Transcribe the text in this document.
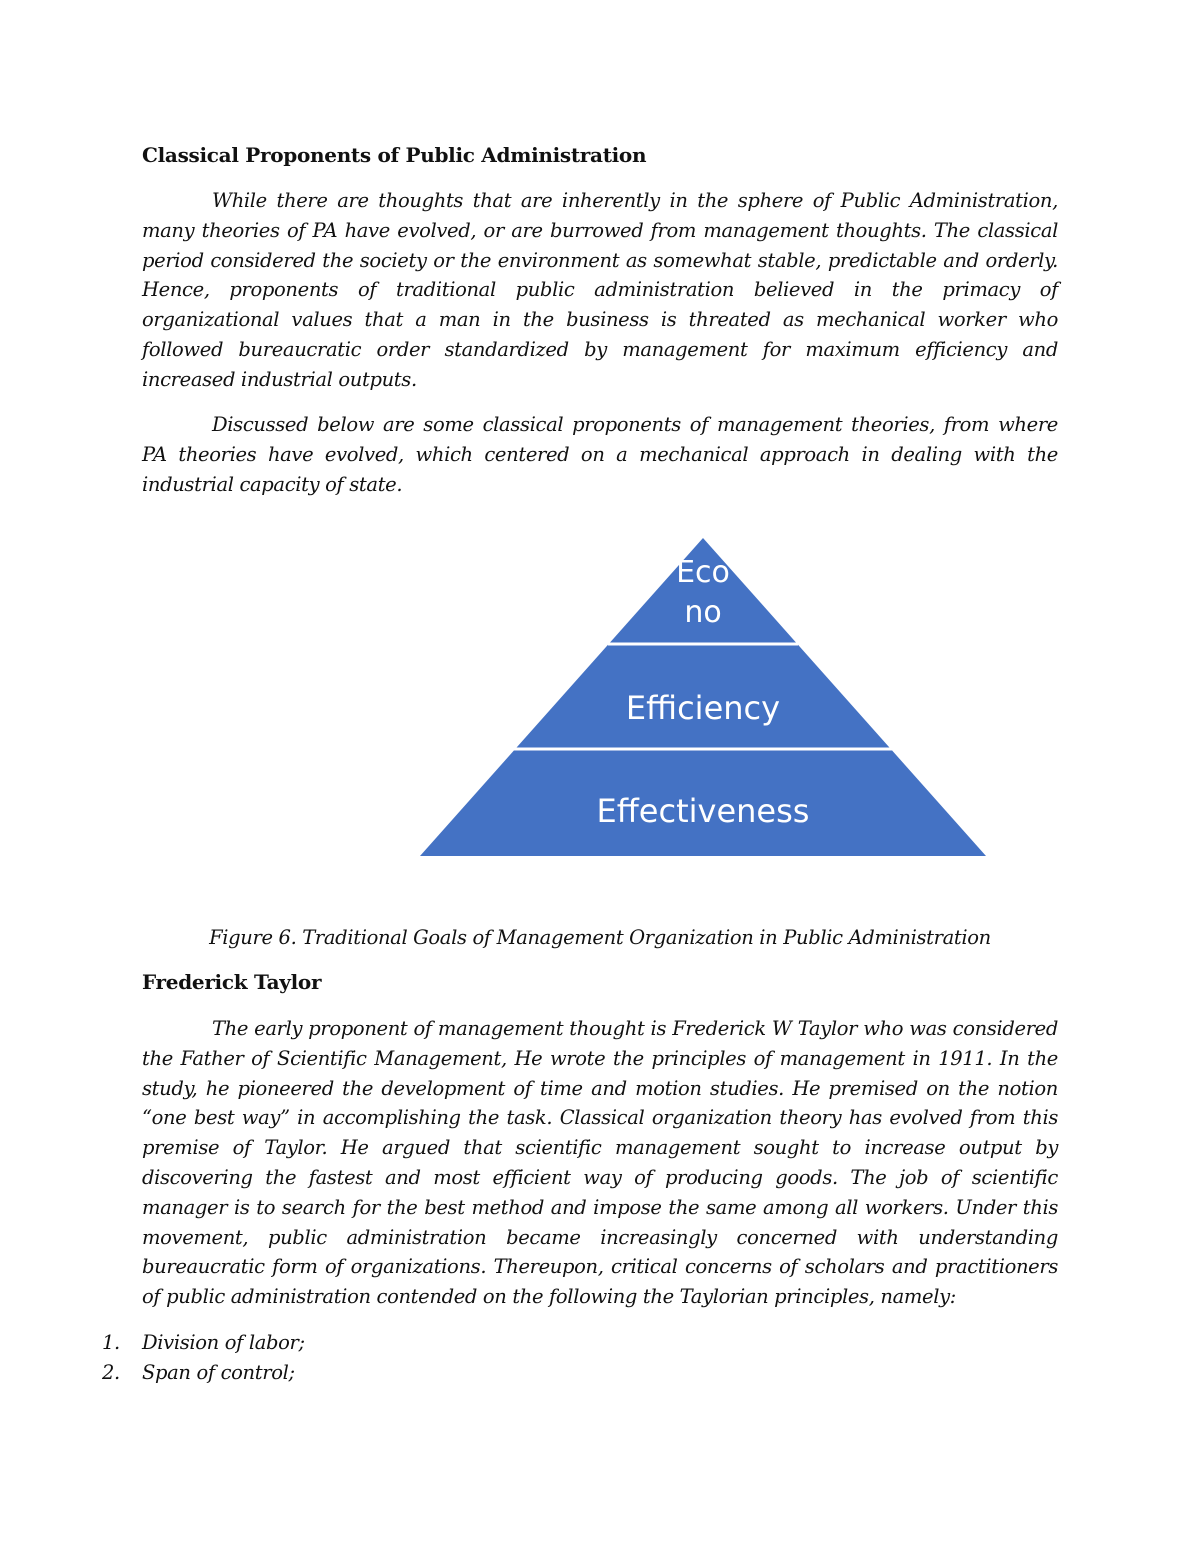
Classical Proponents of Public Administration

While there are thoughts that are inherently in the sphere of Public Administration, many theories of PA have evolved, or are burrowed from management thoughts. The classical period considered the society or the environment as somewhat stable, predictable and orderly. Hence, proponents of traditional public administration believed in the primacy of organizational values that a man in the business is threated as mechanical worker who followed bureaucratic order standardized by management for maximum efficiency and increased industrial outputs.

Discussed below are some classical proponents of management theories, from where PA theories have evolved, which centered on a mechanical approach in dealing with the industrial capacity of state.

Figure 6. Traditional Goals of Management Organization in Public Administration
Frederick Taylor

The early proponent of management thought is Frederick W Taylor who was considered the Father of Scientific Management, He wrote the principles of management in 1911. In the study, he pioneered the development of time and motion studies. He premised on the notion “one best way” in accomplishing the task. Classical organization theory has evolved from this premise of Taylor. He argued that scientific management sought to increase output by discovering the fastest and most efficient way of producing goods. The job of scientific manager is to search for the best method and impose the same among all workers. Under this movement, public administration became increasingly concerned with understanding bureaucratic form of organizations. Thereupon, critical concerns of scholars and practitioners of public administration contended on the following the Taylorian principles, namely:

1.	Division of labor;
2.	Span of control;
Eco
no
Efficiency
Effectiveness
